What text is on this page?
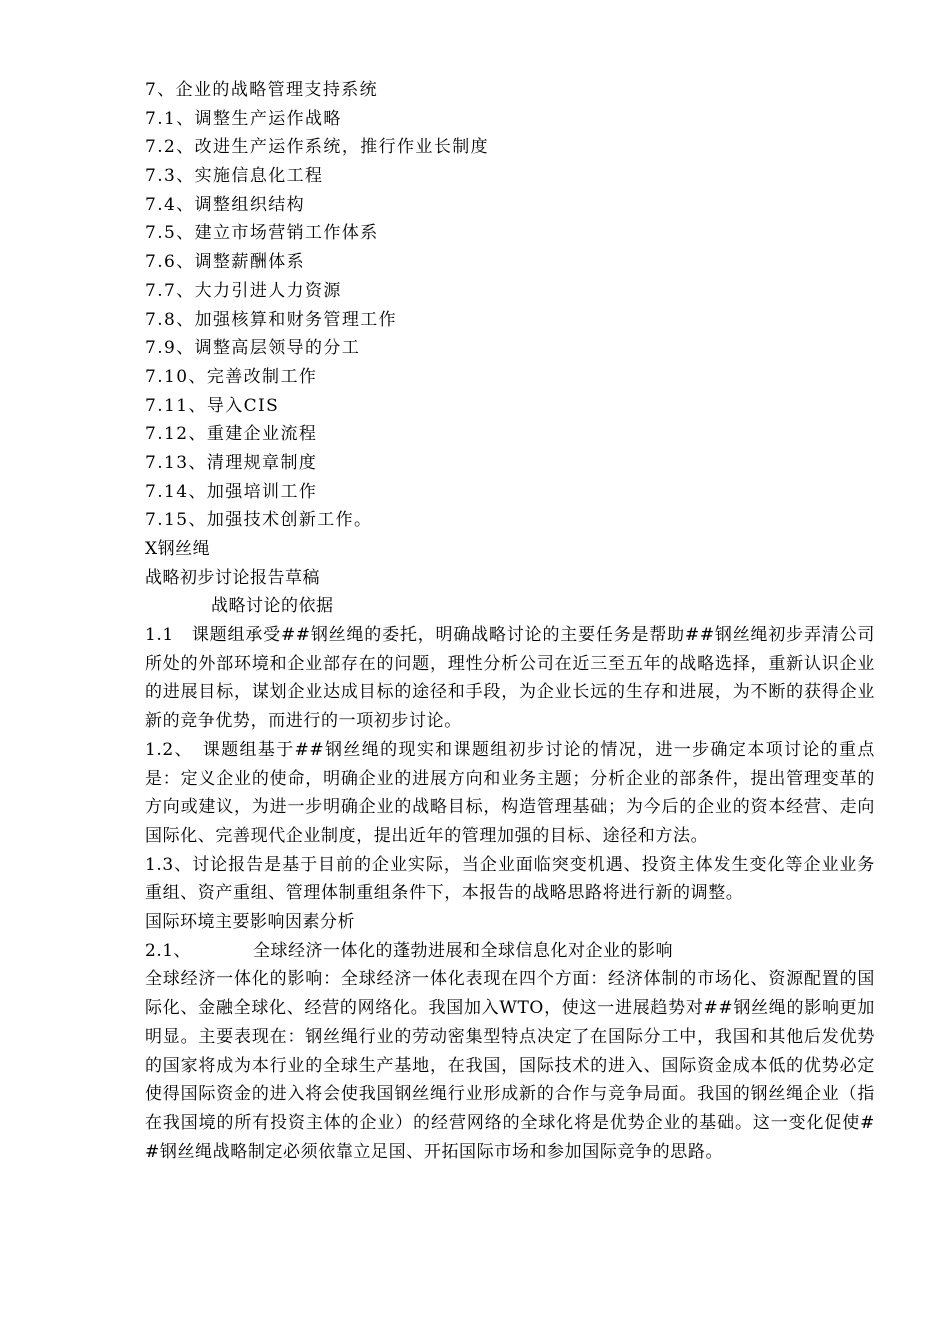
7、企业的战略管理支持系统
7.1、调整生产运作战略
7.2、改进生产运作系统，推行作业长制度
7.3、实施信息化工程
7.4、调整组织结构
7.5、建立市场营销工作体系
7.6、调整薪酬体系
7.7、大力引进人力资源
7.8、加强核算和财务管理工作
7.9、调整高层领导的分工
7.10、完善改制工作
7.11、导入CIS
7.12、重建企业流程
7.13、清理规章制度
7.14、加强培训工作
7.15、加强技术创新工作。
X钢丝绳
战略初步讨论报告草稿
战略讨论的依据
1.1　课题组承受##钢丝绳的委托，明确战略讨论的主要任务是帮助##钢丝绳初步弄清公司所处的外部环境和企业部存在的问题，理性分析公司在近三至五年的战略选择，重新认识企业的进展目标，谋划企业达成目标的途径和手段，为企业长远的生存和进展，为不断的获得企业新的竞争优势，而进行的一项初步讨论。
1.2、　课题组基于##钢丝绳的现实和课题组初步讨论的情况，进一步确定本项讨论的重点是：定义企业的使命，明确企业的进展方向和业务主题；分析企业的部条件，提出管理变革的方向或建议，为进一步明确企业的战略目标，构造管理基础；为今后的企业的资本经营、走向国际化、完善现代企业制度，提出近年的管理加强的目标、途径和方法。
1.3、讨论报告是基于目前的企业实际，当企业面临突变机遇、投资主体发生变化等企业业务重组、资产重组、管理体制重组条件下，本报告的战略思路将进行新的调整。
国际环境主要影响因素分析
2.1、	全球经济一体化的蓬勃进展和全球信息化对企业的影响
全球经济一体化的影响：全球经济一体化表现在四个方面：经济体制的市场化、资源配置的国际化、金融全球化、经营的网络化。我国加入WTO，使这一进展趋势对##钢丝绳的影响更加明显。主要表现在：钢丝绳行业的劳动密集型特点决定了在国际分工中，我国和其他后发优势的国家将成为本行业的全球生产基地，在我国，国际技术的进入、国际资金成本低的优势必定使得国际资金的进入将会使我国钢丝绳行业形成新的合作与竞争局面。我国的钢丝绳企业（指在我国境的所有投资主体的企业）的经营网络的全球化将是优势企业的基础。这一变化促使##钢丝绳战略制定必须依靠立足国、开拓国际市场和参加国际竞争的思路。
